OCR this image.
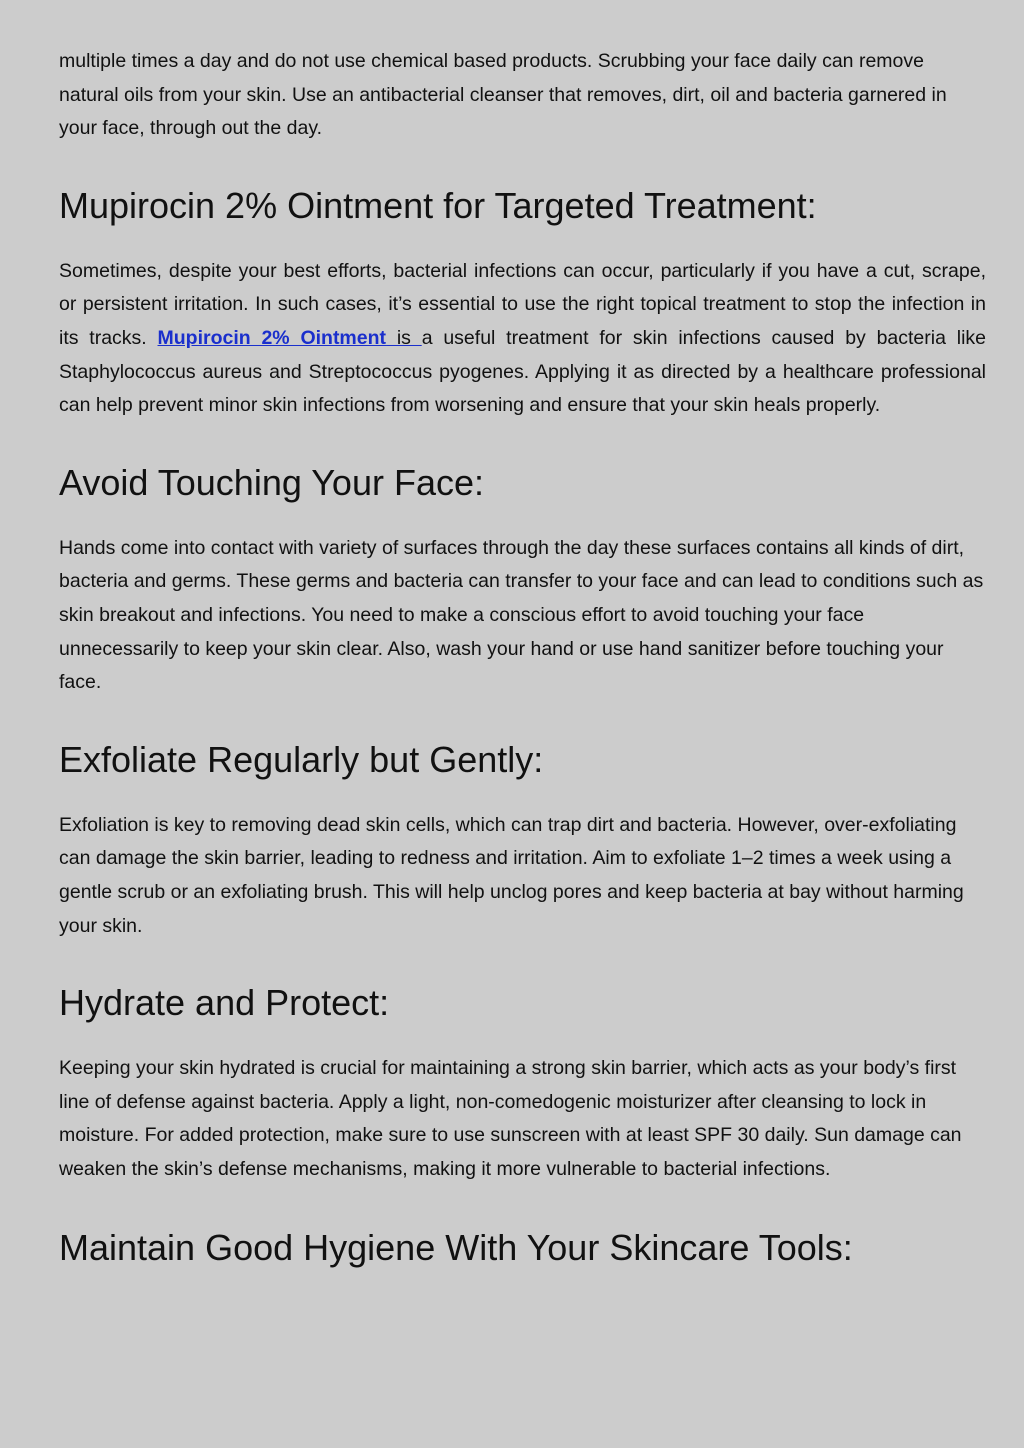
multiple times a day and do not use chemical based products. Scrubbing your face daily can remove natural oils from your skin. Use an antibacterial cleanser that removes, dirt, oil and bacteria garnered in your face, through out the day.

Mupirocin 2% Ointment for Targeted Treatment:

Sometimes, despite your best efforts, bacterial infections can occur, particularly if you have a cut, scrape, or persistent irritation. In such cases, it’s essential to use the right topical treatment to stop the infection in its tracks. Mupirocin 2% Ointment is a useful treatment for skin infections caused by bacteria like Staphylococcus aureus and Streptococcus pyogenes. Applying it as directed by a healthcare professional can help prevent minor skin infections from worsening and ensure that your skin heals properly.

Avoid Touching Your Face:

Hands come into contact with variety of surfaces through the day these surfaces contains all kinds of dirt, bacteria and germs. These germs and bacteria can transfer to your face and can lead to conditions such as skin breakout and infections. You need to make a conscious effort to avoid touching your face unnecessarily to keep your skin clear. Also, wash your hand or use hand sanitizer before touching your face.

Exfoliate Regularly but Gently:

Exfoliation is key to removing dead skin cells, which can trap dirt and bacteria. However, over-exfoliating can damage the skin barrier, leading to redness and irritation. Aim to exfoliate 1–2 times a week using a gentle scrub or an exfoliating brush. This will help unclog pores and keep bacteria at bay without harming your skin.

Hydrate and Protect:

Keeping your skin hydrated is crucial for maintaining a strong skin barrier, which acts as your body’s first line of defense against bacteria. Apply a light, non-comedogenic moisturizer after cleansing to lock in moisture. For added protection, make sure to use sunscreen with at least SPF 30 daily. Sun damage can weaken the skin’s defense mechanisms, making it more vulnerable to bacterial infections.

Maintain Good Hygiene With Your Skincare Tools:
